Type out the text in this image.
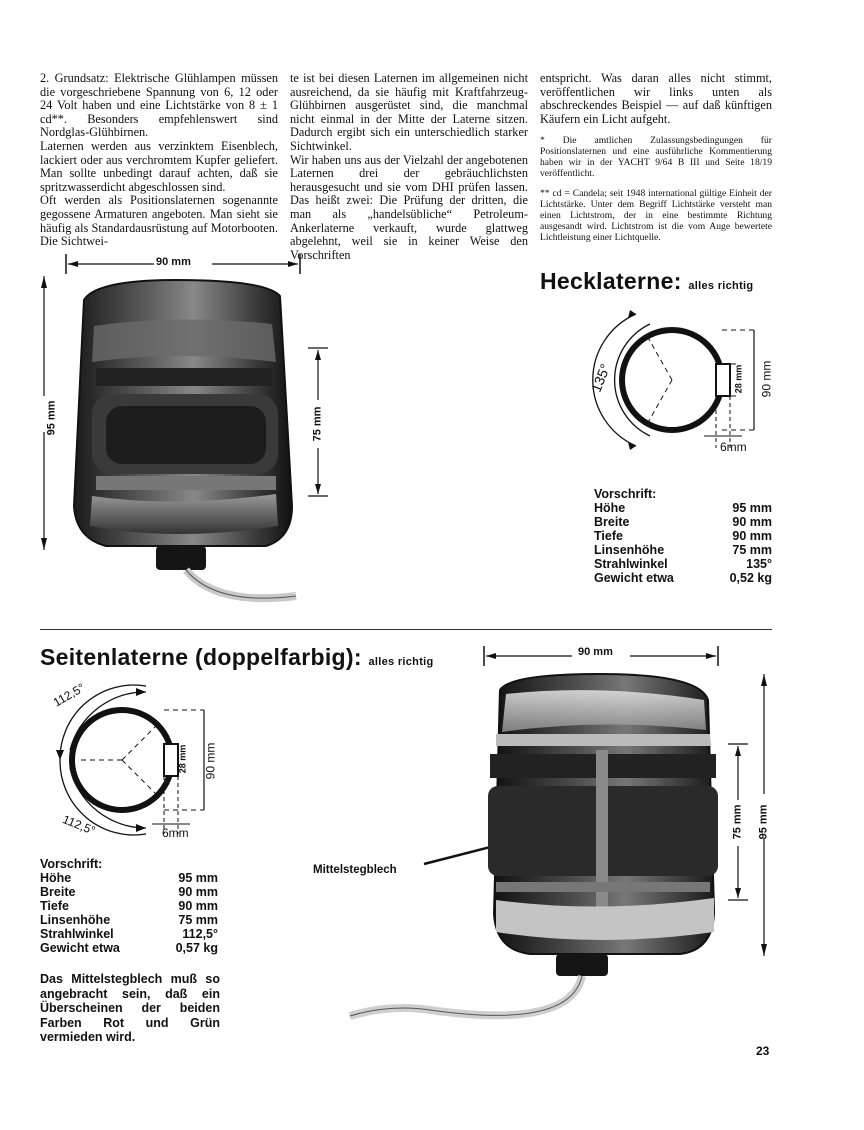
2. Grundsatz: Elektrische Glühlampen müssen die vorgeschriebene Spannung von 6, 12 oder 24 Volt haben und eine Lichtstärke von 8 ± 1 cd**. Besonders empfehlenswert sind Nordglas-Glühbirnen.

Laternen werden aus verzinktem Eisenblech, lackiert oder aus verchromtem Kupfer geliefert. Man sollte unbedingt darauf achten, daß sie spritzwasserdicht abgeschlossen sind.

Oft werden als Positionslaternen sogenannte gegossene Armaturen angeboten. Man sieht sie häufig als Standardausrüstung auf Motorbooten. Die Sichtwei-

te ist bei diesen Laternen im allgemeinen nicht ausreichend, da sie häufig mit Kraftfahrzeug-Glühbirnen ausgerüstet sind, die manchmal nicht einmal in der Mitte der Laterne sitzen. Dadurch ergibt sich ein unterschiedlich starker Sichtwinkel.

Wir haben uns aus der Vielzahl der angebotenen Laternen drei der gebräuchlichsten herausgesucht und sie vom DHI prüfen lassen. Das heißt zwei: Die Prüfung der dritten, die man als „handelsübliche“ Petroleum-Ankerlaterne verkauft, wurde glattweg abgelehnt, weil sie in keiner Weise den Vorschriften

entspricht. Was daran alles nicht stimmt, veröffentlichen wir links unten als abschreckendes Beispiel — auf daß künftigen Käufern ein Licht aufgeht.

* Die amtlichen Zulassungsbedingungen für Positionslaternen und eine ausführliche Kommentierung haben wir in der YACHT 9/64 B III und Seite 18/19 veröffentlicht.

** cd = Candela; seit 1948 international gültige Einheit der Lichtstärke. Unter dem Begriff Lichtstärke versteht man einen Lichtstrom, der in eine bestimmte Richtung ausgesandt wird. Lichtstrom ist die vom Auge bewertete Lichtleistung einer Lichtquelle.

90 mm
95 mm	75 mm
Hecklaterne: alles richtig
135°	28 mm 90 mm
6mm
Vorschrift:
Höhe	95 mm
Breite	90 mm
Tiefe	90 mm
Linsenhöhe	75 mm
Strahlwinkel	135°
Gewicht etwa	0,52 kg
Seitenlaterne (doppelfarbig): alles richtig
90 mm
112,5°
112,5°
28 mm 90 mm
6mm
Vorschrift:
Höhe	95 mm
Breite	90 mm
Tiefe	90 mm
Linsenhöhe	75 mm
Strahlwinkel	112,5°
Gewicht etwa	0,57 kg
Das Mittelstegblech muß so angebracht sein, daß ein Überscheinen der beiden Farben Rot und Grün vermieden wird.
Mittelstegblech
75 mm 95 mm
23
